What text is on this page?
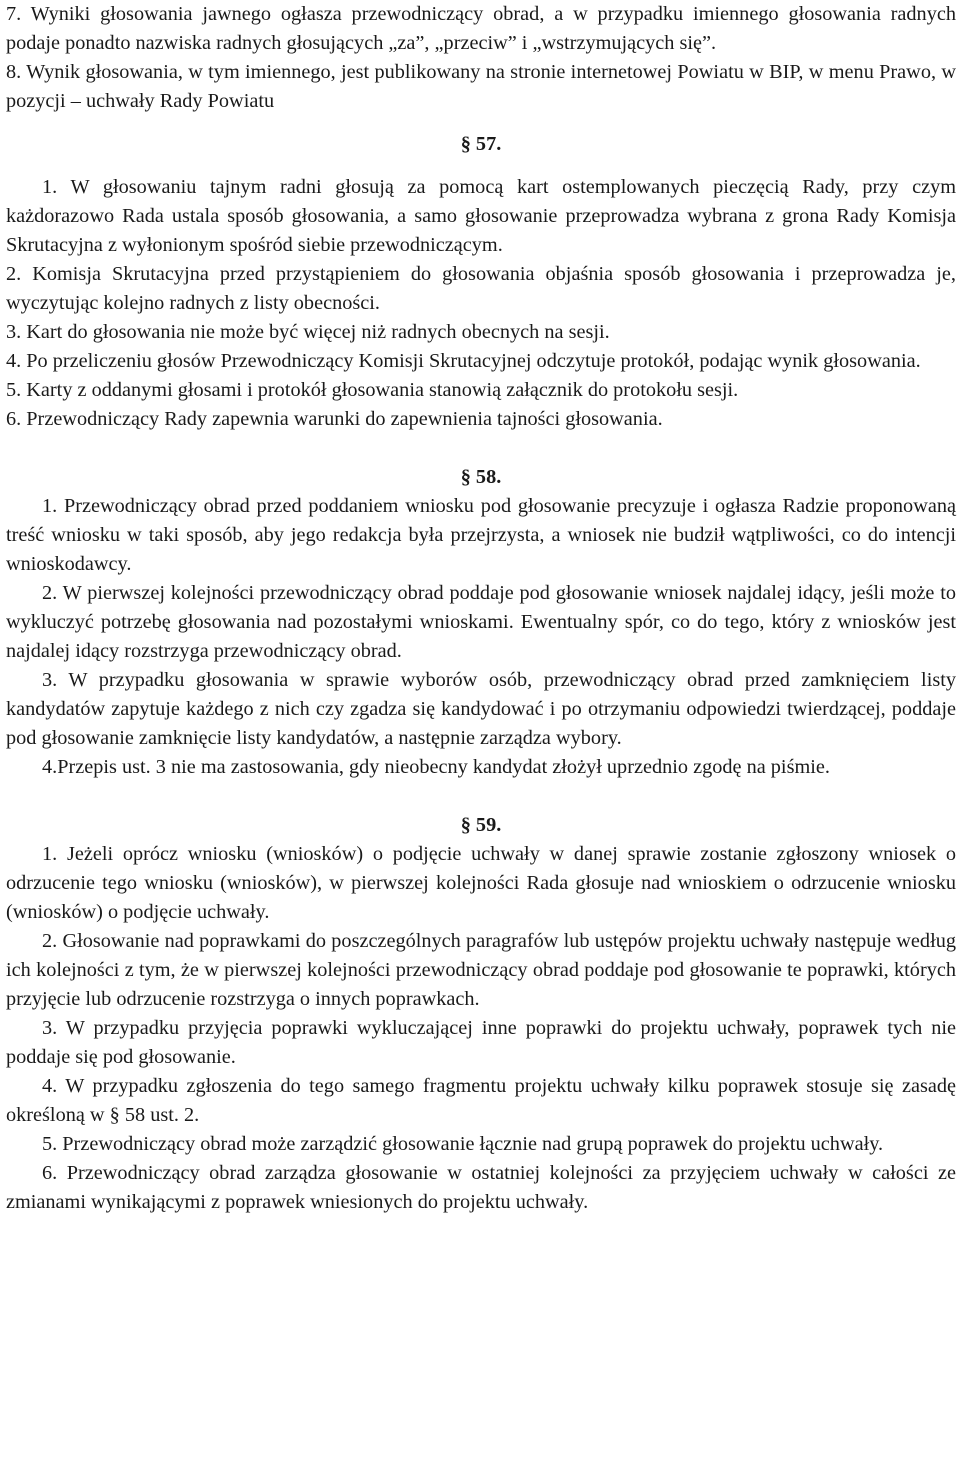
7. Wyniki głosowania jawnego ogłasza przewodniczący obrad, a w przypadku imiennego głosowania radnych podaje ponadto nazwiska radnych głosujących „za”, „przeciw” i „wstrzymujących się”.

8. Wynik głosowania, w tym imiennego, jest publikowany na stronie internetowej Powiatu w BIP, w menu Prawo, w pozycji – uchwały Rady Powiatu

§ 57.

1. W głosowaniu tajnym radni głosują za pomocą kart ostemplowanych pieczęcią Rady, przy czym każdorazowo Rada ustala sposób głosowania, a samo głosowanie przeprowadza wybrana z grona Rady Komisja Skrutacyjna z wyłonionym spośród siebie przewodniczącym.

2. Komisja Skrutacyjna przed przystąpieniem do głosowania objaśnia sposób głosowania i przeprowadza je, wyczytując kolejno radnych z listy obecności.

3. Kart do głosowania nie może być więcej niż radnych obecnych na sesji.

4. Po przeliczeniu głosów Przewodniczący Komisji Skrutacyjnej odczytuje protokół, podając wynik głosowania.

5. Karty z oddanymi głosami i protokół głosowania stanowią załącznik do protokołu sesji.

6. Przewodniczący Rady zapewnia warunki do zapewnienia tajności głosowania.

§ 58.

1. Przewodniczący obrad przed poddaniem wniosku pod głosowanie precyzuje i ogłasza Radzie proponowaną treść wniosku w taki sposób, aby jego redakcja była przejrzysta, a wniosek nie budził wątpliwości, co do intencji wnioskodawcy.

2. W pierwszej kolejności przewodniczący obrad poddaje pod głosowanie wniosek najdalej idący, jeśli może to wykluczyć potrzebę głosowania nad pozostałymi wnioskami. Ewentualny spór, co do tego, który z wniosków jest najdalej idący rozstrzyga przewodniczący obrad.

3. W przypadku głosowania w sprawie wyborów osób, przewodniczący obrad przed zamknięciem listy kandydatów zapytuje każdego z nich czy zgadza się kandydować i po otrzymaniu odpowiedzi twierdzącej, poddaje pod głosowanie zamknięcie listy kandydatów, a następnie zarządza wybory.

4.Przepis ust. 3 nie ma zastosowania, gdy nieobecny kandydat złożył uprzednio zgodę na piśmie.

§ 59.

1. Jeżeli oprócz wniosku (wniosków) o podjęcie uchwały w danej sprawie zostanie zgłoszony wniosek o odrzucenie tego wniosku (wniosków), w pierwszej kolejności Rada głosuje nad wnioskiem o odrzucenie wniosku (wniosków) o podjęcie uchwały.

2. Głosowanie nad poprawkami do poszczególnych paragrafów lub ustępów projektu uchwały następuje według ich kolejności z tym, że w pierwszej kolejności przewodniczący obrad poddaje pod głosowanie te poprawki, których przyjęcie lub odrzucenie rozstrzyga o innych poprawkach.

3. W przypadku przyjęcia poprawki wykluczającej inne poprawki do projektu uchwały, poprawek tych nie poddaje się pod głosowanie.

4. W przypadku zgłoszenia do tego samego fragmentu projektu uchwały kilku poprawek stosuje się zasadę określoną w § 58 ust. 2.

5. Przewodniczący obrad może zarządzić głosowanie łącznie nad grupą poprawek do projektu uchwały.

6. Przewodniczący obrad zarządza głosowanie w ostatniej kolejności za przyjęciem uchwały w całości ze zmianami wynikającymi z poprawek wniesionych do projektu uchwały.
